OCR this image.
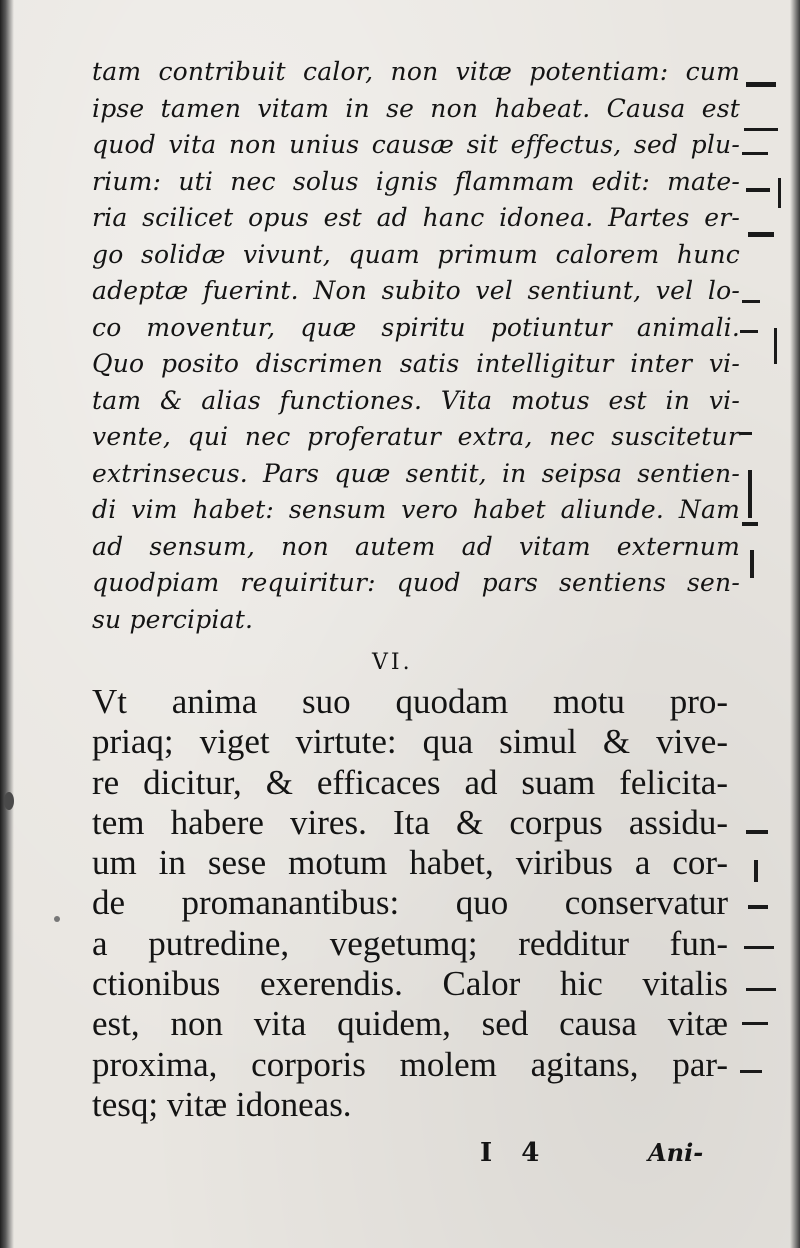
tam contribuit calor, non vitæ potentiam: cum
ipse tamen vitam in se non habeat. Causa est
quod vita non unius causæ sit effectus, sed plu-
rium: uti nec solus ignis flammam edit: mate-
ria scilicet opus est ad hanc idonea. Partes er-
go solidæ vivunt, quam primum calorem hunc
adeptæ fuerint. Non subito vel sentiunt, vel lo-
co moventur, quæ spiritu potiuntur animali.
Quo posito discrimen satis intelligitur inter vi-
tam & alias functiones. Vita motus est in vi-
vente, qui nec proferatur extra, nec suscitetur
extrinsecus. Pars quæ sentit, in seipsa sentien-
di vim habet: sensum vero habet aliunde. Nam
ad sensum, non autem ad vitam externum
quodpiam requiritur: quod pars sentiens sen-
su percipiat.
VI.
Vt anima suo quodam motu pro-
priaq; viget virtute: qua simul & vive-
re dicitur, & efficaces ad suam felicita-
tem habere vires. Ita & corpus assidu-
um in sese motum habet, viribus a cor-
de promanantibus: quo conservatur
a putredine, vegetumq; redditur fun-
ctionibus exerendis. Calor hic vitalis
est, non vita quidem, sed causa vitæ
proxima, corporis molem agitans, par-
tesq; vitæ idoneas.
I 4	Ani-
